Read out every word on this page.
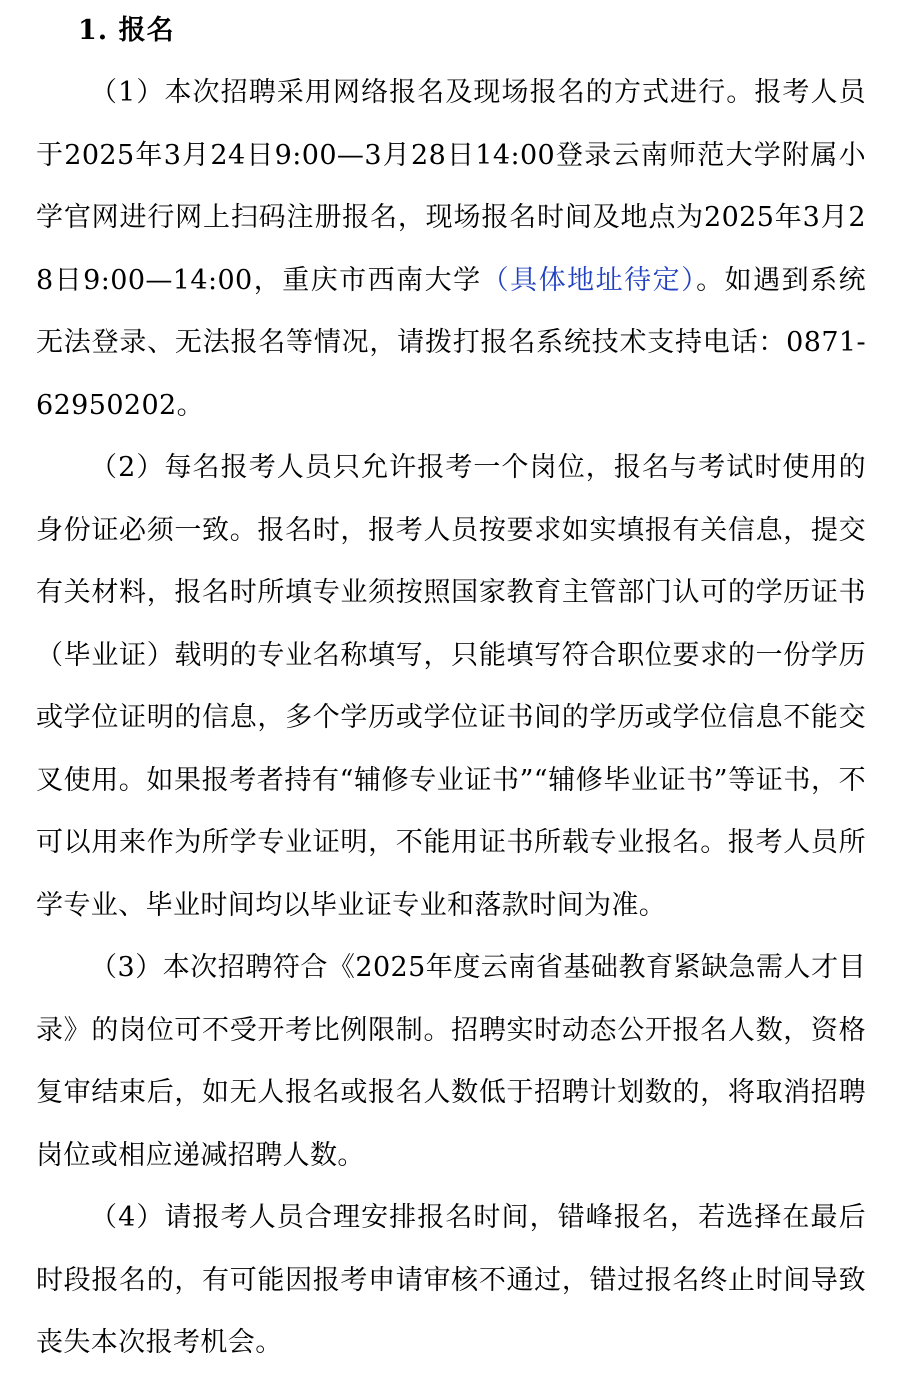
1. 报名

（1）本次招聘采用网络报名及现场报名的方式进行。报考人员于2025年3月24日9:00—3月28日14:00登录云南师范大学附属小学官网进行网上扫码注册报名，现场报名时间及地点为2025年3月28日9:00—14:00，重庆市西南大学（具体地址待定）。如遇到系统无法登录、无法报名等情况，请拨打报名系统技术支持电话：0871-62950202。

（2）每名报考人员只允许报考一个岗位，报名与考试时使用的身份证必须一致。报名时，报考人员按要求如实填报有关信息，提交有关材料，报名时所填专业须按照国家教育主管部门认可的学历证书（毕业证）载明的专业名称填写，只能填写符合职位要求的一份学历或学位证明的信息，多个学历或学位证书间的学历或学位信息不能交叉使用。如果报考者持有“辅修专业证书”“辅修毕业证书”等证书，不可以用来作为所学专业证明，不能用证书所载专业报名。报考人员所学专业、毕业时间均以毕业证专业和落款时间为准。

（3）本次招聘符合《2025年度云南省基础教育紧缺急需人才目录》的岗位可不受开考比例限制。招聘实时动态公开报名人数，资格复审结束后，如无人报名或报名人数低于招聘计划数的，将取消招聘岗位或相应递减招聘人数。

（4）请报考人员合理安排报名时间，错峰报名，若选择在最后时段报名的，有可能因报考申请审核不通过，错过报名终止时间导致丧失本次报考机会。
